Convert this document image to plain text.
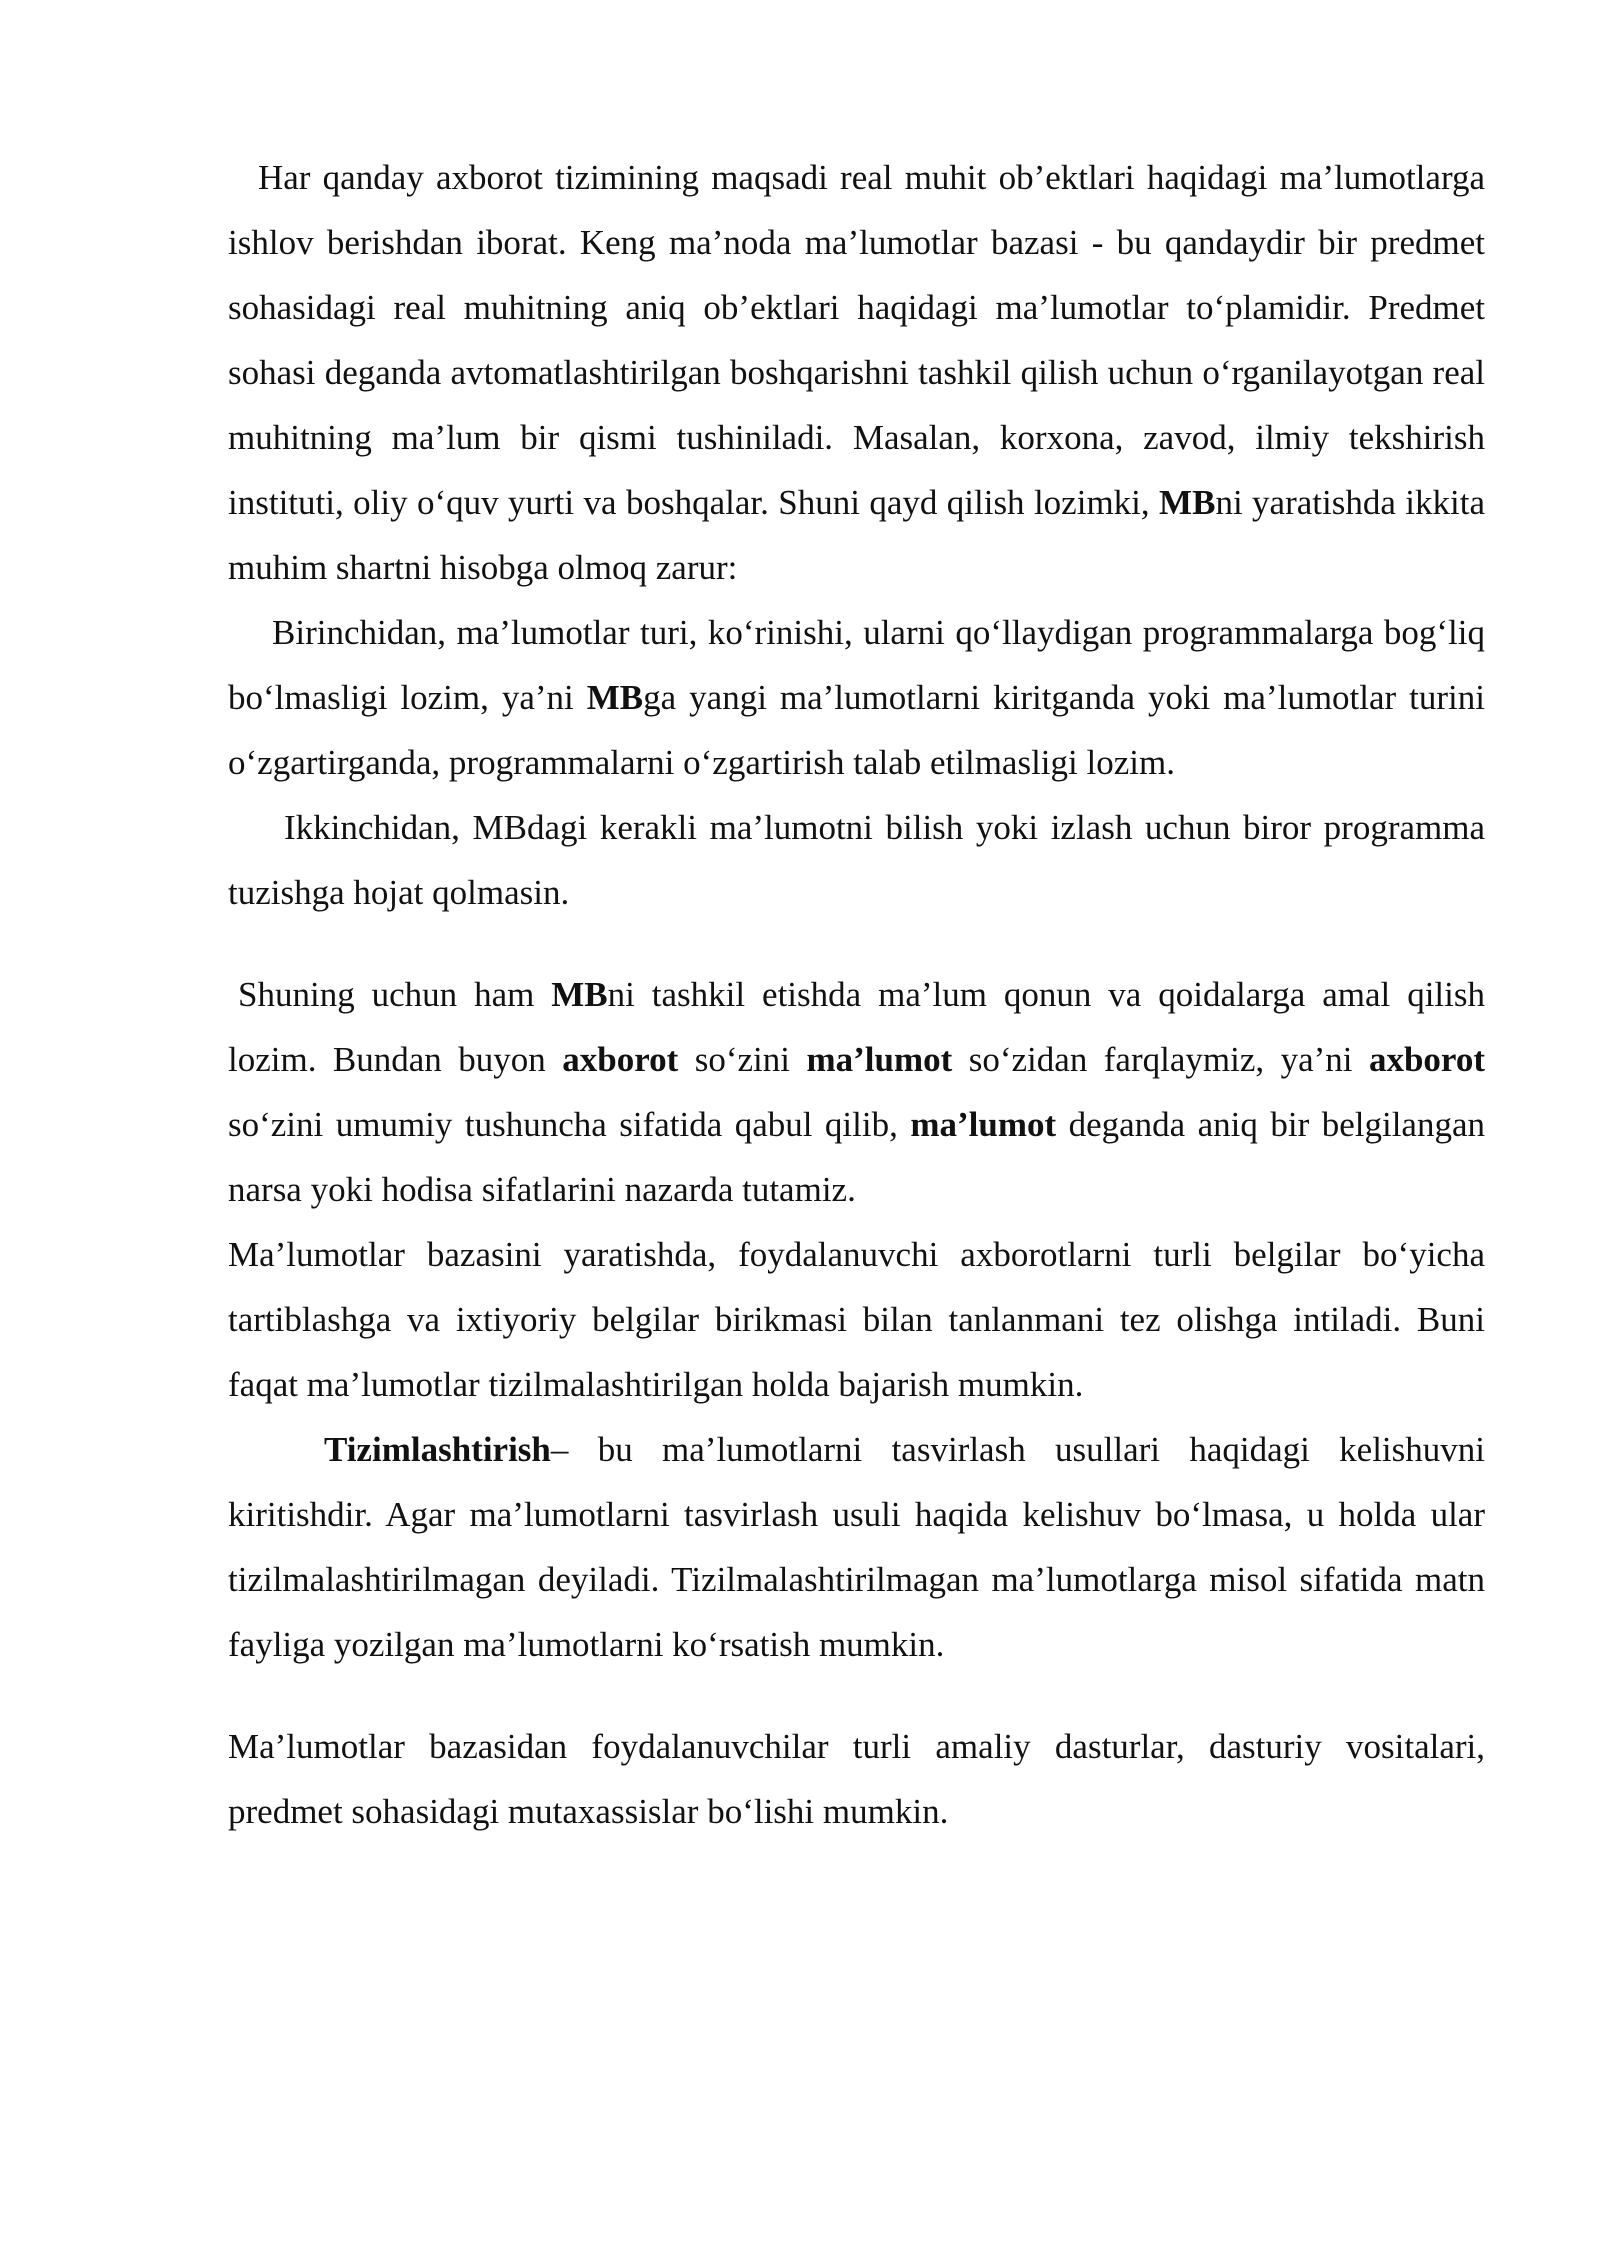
Har qanday axborot tizimining maqsadi real muhit ob’ektlari haqidagi ma’lumotlarga ishlov berishdan iborat. Keng ma’noda ma’lumotlar bazasi - bu qandaydir bir predmet sohasidagi real muhitning aniq ob’ektlari haqidagi ma’lumotlar to‘plamidir. Predmet sohasi deganda avtomatlashtirilgan boshqarishni tashkil qilish uchun o‘rganilayotgan real muhitning ma’lum bir qismi tushiniladi. Masalan, korxona, zavod, ilmiy tekshirish instituti, oliy o‘quv yurti va boshqalar. Shuni qayd qilish lozimki, MBni yaratishda ikkita muhim shartni hisobga olmoq zarur:

Birinchidan, ma’lumotlar turi, ko‘rinishi, ularni qo‘llaydigan programmalarga bog‘liq bo‘lmasligi lozim, ya’ni MBga yangi ma’lumotlarni kiritganda yoki ma’lumotlar turini o‘zgartirganda, programmalarni o‘zgartirish talab etilmasligi lozim.

Ikkinchidan, MBdagi kerakli ma’lumotni bilish yoki izlash uchun biror programma tuzishga hojat qolmasin.

Shuning uchun ham MBni tashkil etishda ma’lum qonun va qoidalarga amal qilish lozim. Bundan buyon axborot so‘zini ma’lumot so‘zidan farqlaymiz, ya’ni axborot so‘zini umumiy tushuncha sifatida qabul qilib, ma’lumot deganda aniq bir belgilangan narsa yoki hodisa sifatlarini nazarda tutamiz.

Ma’lumotlar bazasini yaratishda, foydalanuvchi axborotlarni turli belgilar bo‘yicha tartiblashga va ixtiyoriy belgilar birikmasi bilan tanlanmani tez olishga intiladi. Buni faqat ma’lumotlar tizilmalashtirilgan holda bajarish mumkin.

Tizimlashtirish– bu ma’lumotlarni tasvirlash usullari haqidagi kelishuvni kiritishdir. Agar ma’lumotlarni tasvirlash usuli haqida kelishuv bo‘lmasa, u holda ular tizilmalashtirilmagan deyiladi. Tizilmalashtirilmagan ma’lumotlarga misol sifatida matn fayliga yozilgan ma’lumotlarni ko‘rsatish mumkin.

Ma’lumotlar bazasidan foydalanuvchilar turli amaliy dasturlar, dasturiy vositalari, predmet sohasidagi mutaxassislar bo‘lishi mumkin.
